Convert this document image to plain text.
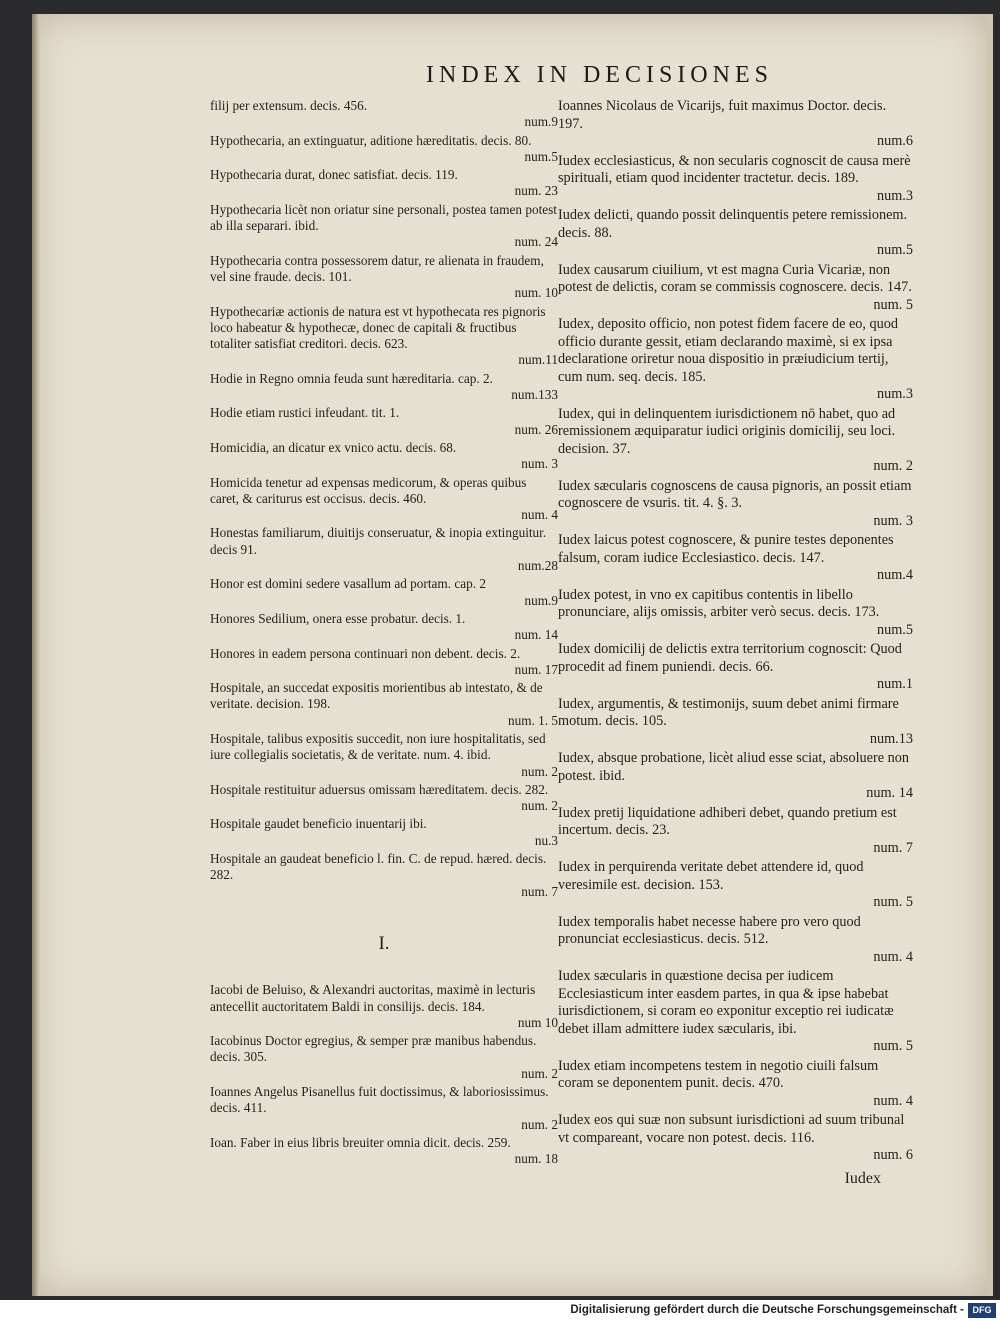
INDEX IN DECISIONES
filij per extensum. decis. 456.
num.9
Hypothecaria, an extinguatur, aditione hæreditatis. decis. 80.
num.5
Hypothecaria durat, donec satisfiat. decis. 119.
num. 23
Hypothecaria licèt non oriatur sine personali, postea tamen potest ab illa separari. ibid.
num. 24
Hypothecaria contra possessorem datur, re alienata in fraudem, vel sine fraude. decis. 101.
num. 10
Hypothecariæ actionis de natura est vt hypothecata res pignoris loco habeatur & hypothecæ, donec de capitali & fructibus totaliter satisfiat creditori. decis. 623.
num.11
Hodie in Regno omnia feuda sunt hæreditaria. cap. 2.
num.133
Hodie etiam rustici infeudant. tit. 1.
num. 26
Homicidia, an dicatur ex vnico actu. decis. 68.
num. 3
Homicida tenetur ad expensas medicorum, & operas quibus caret, & cariturus est occisus. decis. 460.
num. 4
Honestas familiarum, diuitijs conseruatur, & inopia extinguitur. decis 91.
num.28
Honor est domini sedere vasallum ad portam. cap. 2
num.9
Honores Sedilium, onera esse probatur. decis. 1.
num. 14
Honores in eadem persona continuari non debent. decis. 2.
num. 17
Hospitale, an succedat expositis morientibus ab intestato, & de veritate. decision. 198.
num. 1. 5
Hospitale, talibus expositis succedit, non iure hospitalitatis, sed iure collegialis societatis, & de veritate. num. 4. ibid.
num. 2
Hospitale restituitur aduersus omissam hæreditatem. decis. 282.
num. 2
Hospitale gaudet beneficio inuentarij ibi.
nu.3
Hospitale an gaudeat beneficio l. fin. C. de repud. hæred. decis. 282.
num. 7
I.
Iacobi de Beluiso, & Alexandri auctoritas, maximè in lecturis antecellit auctoritatem Baldi in consilijs. decis. 184.
num 10
Iacobinus Doctor egregius, & semper præ manibus habendus. decis. 305.
num. 2
Ioannes Angelus Pisanellus fuit doctissimus, & laboriosissimus. decis. 411.
num. 2
Ioan. Faber in eius libris breuiter omnia dicit. decis. 259.
num. 18
Ioannes Nicolaus de Vicarijs, fuit maximus Doctor. decis. 197.
num.6
Iudex ecclesiasticus, & non secularis cognoscit de causa merè spirituali, etiam quod incidenter tractetur. decis. 189.
num.3
Iudex delicti, quando possit delinquentis petere remissionem. decis. 88.
num.5
Iudex causarum ciuilium, vt est magna Curia Vicariæ, non potest de delictis, coram se commissis cognoscere. decis. 147.
num. 5
Iudex, deposito officio, non potest fidem facere de eo, quod officio durante gessit, etiam declarando maximè, si ex ipsa declaratione oriretur noua dispositio in præiudicium tertij, cum num. seq. decis. 185.
num.3
Iudex, qui in delinquentem iurisdictionem nō habet, quo ad remissionem æquiparatur iudici originis domicilij, seu loci. decision. 37.
num. 2
Iudex sæcularis cognoscens de causa pignoris, an possit etiam cognoscere de vsuris. tit. 4. §. 3.
num. 3
Iudex laicus potest cognoscere, & punire testes deponentes falsum, coram iudice Ecclesiastico. decis. 147.
num.4
Iudex potest, in vno ex capitibus contentis in libello pronunciare, alijs omissis, arbiter verò secus. decis. 173.
num.5
Iudex domicilij de delictis extra territorium cognoscit: Quod procedit ad finem puniendi. decis. 66.
num.1
Iudex, argumentis, & testimonijs, suum debet animi firmare motum. decis. 105.
num.13
Iudex, absque probatione, licèt aliud esse sciat, absoluere non potest. ibid.
num. 14
Iudex pretij liquidatione adhiberi debet, quando pretium est incertum. decis. 23.
num. 7
Iudex in perquirenda veritate debet attendere id, quod veresimile est. decision. 153.
num. 5
Iudex temporalis habet necesse habere pro vero quod pronunciat ecclesiasticus. decis. 512.
num. 4
Iudex sæcularis in quæstione decisa per iudicem Ecclesiasticum inter easdem partes, in qua & ipse habebat iurisdictionem, si coram eo exponitur exceptio rei iudicatæ debet illam admittere iudex sæcularis, ibi.
num. 5
Iudex etiam incompetens testem in negotio ciuili falsum coram se deponentem punit. decis. 470.
num. 4
Iudex eos qui suæ non subsunt iurisdictioni ad suum tribunal vt compareant, vocare non potest. decis. 116.
num. 6
Iudex
Digitalisierung gefördert durch die Deutsche Forschungsgemeinschaft - DFG
